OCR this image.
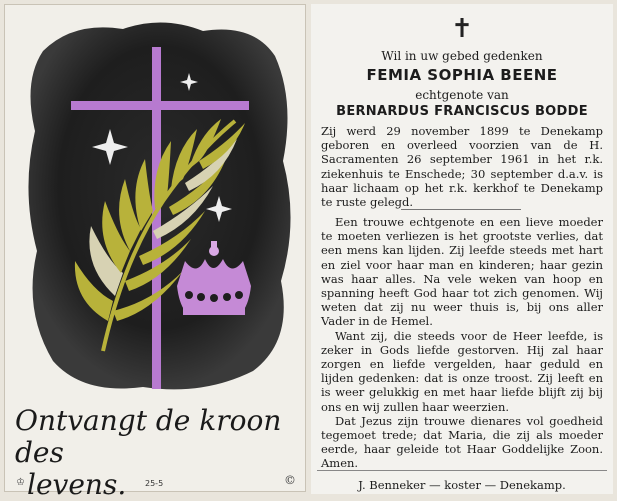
Ontvangt de kroon des
levens.
♔	25-5	©
✝
Wil in uw gebed gedenken
FEMIA SOPHIA BEENE
echtgenote van
BERNARDUS FRANCISCUS BODDE

Zij werd 29 november 1899 te Denekamp geboren en overleed voorzien van de H. Sacramenten 26 september 1961 in het r.k. ziekenhuis te Enschede; 30 september d.a.v. is haar lichaam op het r.k. kerkhof te Denekamp te ruste gelegd.

Een trouwe echtgenote en een lieve moeder te moeten verliezen is het grootste verlies, dat een mens kan lijden. Zij leefde steeds met hart en ziel voor haar man en kinderen; haar gezin was haar alles. Na vele weken van hoop en spanning heeft God haar tot zich genomen. Wij weten dat zij nu weer thuis is, bij ons aller Vader in de Hemel.

Want zij, die steeds voor de Heer leefde, is zeker in Gods liefde gestorven. Hij zal haar zorgen en liefde vergelden, haar geduld en lijden gedenken: dat is onze troost. Zij leeft en is weer gelukkig en met haar liefde blijft zij bij ons en wij zullen haar weerzien.

Dat Jezus zijn trouwe dienares vol goedheid tegemoet trede; dat Maria, die zij als moeder eerde, haar geleide tot Haar Goddelijke Zoon. Amen.

J. Benneker — koster — Denekamp.
